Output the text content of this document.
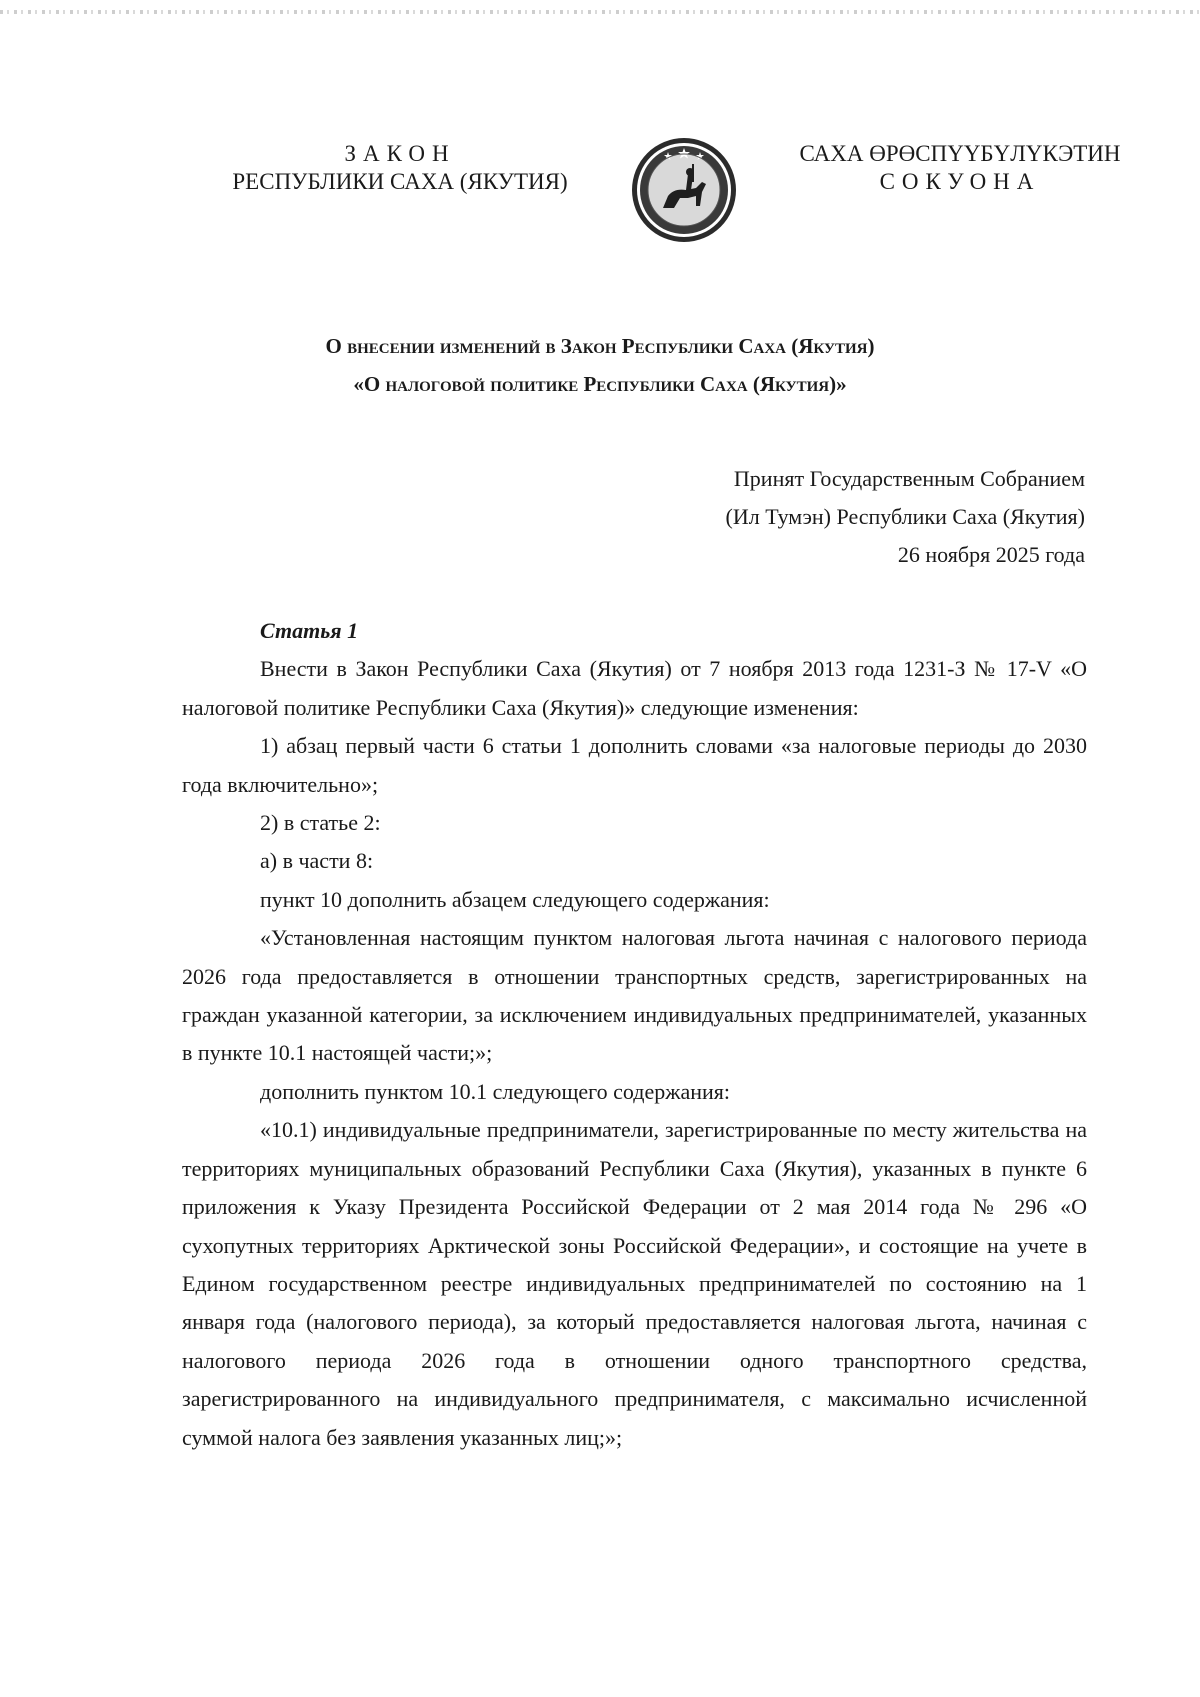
ЗАКОН
РЕСПУБЛИКИ САХА (ЯКУТИЯ)
САХА ӨРӨСПҮҮБҮЛҮКЭТИН
СОКУОНА
О внесении изменений в Закон Республики Саха (Якутия)
«О налоговой политике Республики Саха (Якутия)»
Принят Государственным Собранием
(Ил Тумэн) Республики Саха (Якутия)
26 ноября 2025 года
Статья 1

Внести в Закон Республики Саха (Якутия) от 7 ноября 2013 года 1231-З № 17-V «О налоговой политике Республики Саха (Якутия)» следующие изменения:

1) абзац первый части 6 статьи 1 дополнить словами «за налоговые периоды до 2030 года включительно»;

2) в статье 2:

а) в части 8:

пункт 10 дополнить абзацем следующего содержания:

«Установленная настоящим пунктом налоговая льгота начиная с налогового периода 2026 года предоставляется в отношении транспортных средств, зарегистрированных на граждан указанной категории, за исключением индивидуальных предпринимателей, указанных в пункте 10.1 настоящей части;»;

дополнить пунктом 10.1 следующего содержания:

«10.1) индивидуальные предприниматели, зарегистрированные по месту жительства на территориях муниципальных образований Республики Саха (Якутия), указанных в пункте 6 приложения к Указу Президента Российской Федерации от 2 мая 2014 года № 296 «О сухопутных территориях Арктической зоны Российской Федерации», и состоящие на учете в Едином государственном реестре индивидуальных предпринимателей по состоянию на 1 января года (налогового периода), за который предоставляется налоговая льгота, начиная с налогового периода 2026 года в отношении одного транспортного средства, зарегистрированного на индивидуального предпринимателя, с максимально исчисленной суммой налога без заявления указанных лиц;»;
